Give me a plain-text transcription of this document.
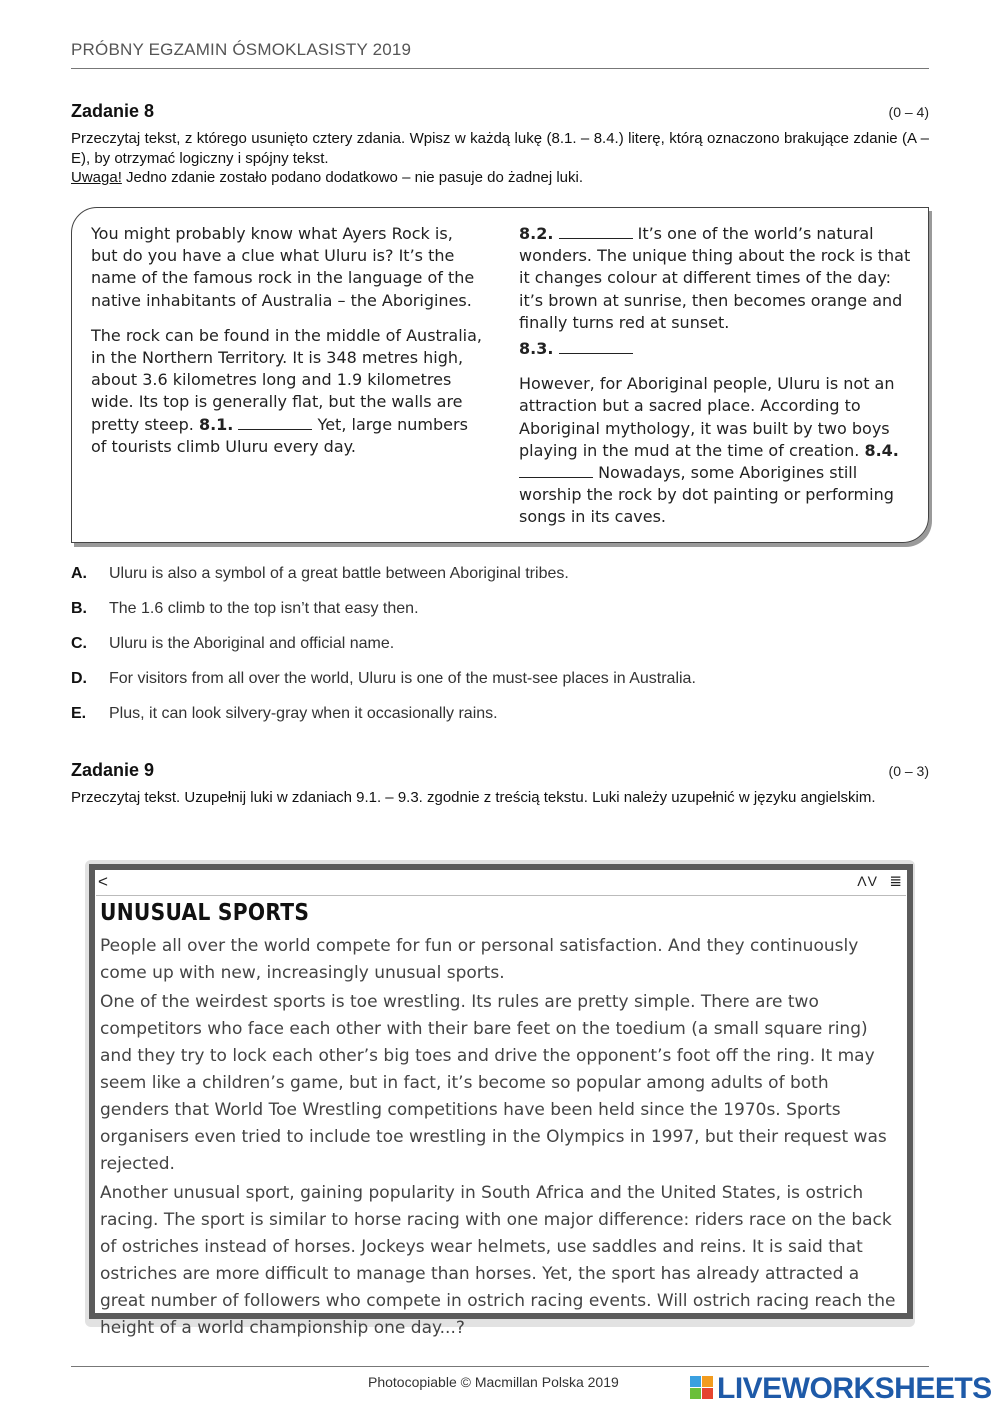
PRÓBNY EGZAMIN ÓSMOKLASISTY 2019
Zadanie 8	(0 – 4)
Przeczytaj tekst, z którego usunięto cztery zdania. Wpisz w każdą lukę (8.1. – 8.4.) literę, którą oznaczono brakujące zdanie (A – E), by otrzymać logiczny i spójny tekst.
Uwaga! Jedno zdanie zostało podano dodatkowo – nie pasuje do żadnej luki.

You might probably know what Ayers Rock is, but do you have a clue what Uluru is? It’s the name of the famous rock in the language of the native inhabitants of Australia – the Aborigines.

The rock can be found in the middle of Australia, in the Northern Territory. It is 348 metres high, about 3.6 kilometres long and 1.9 kilometres wide. Its top is generally flat, but the walls are pretty steep. 8.1.	Yet, large numbers of tourists climb Uluru every day.

8.2.	It’s one of the world’s natural wonders. The unique thing about the rock is that it changes colour at different times of the day: it’s brown at sunrise, then becomes orange and finally turns red at sunset.

8.3.

However, for Aboriginal people, Uluru is not an attraction but a sacred place. According to Aboriginal mythology, it was built by two boys playing in the mud at the time of creation. 8.4.  Nowadays, some Aborigines still worship the rock by dot painting or performing songs in its caves.

A. Uluru is also a symbol of a great battle between Aboriginal tribes.
B. The 1.6 climb to the top isn’t that easy then.
C. Uluru is the Aboriginal and official name.
D. For visitors from all over the world, Uluru is one of the must-see places in Australia.
E. Plus, it can look silvery-gray when it occasionally rains.
Zadanie 9	(0 – 3)
Przeczytaj tekst. Uzupełnij luki w zdaniach 9.1. – 9.3. zgodnie z treścią tekstu. Luki należy uzupełnić w języku angielskim.
<	ΛV ≣
UNUSUAL SPORTS

People all over the world compete for fun or personal satisfaction. And they continuously come up with new, increasingly unusual sports.

One of the weirdest sports is toe wrestling. Its rules are pretty simple. There are two competitors who face each other with their bare feet on the toedium (a small square ring) and they try to lock each other’s big toes and drive the opponent’s foot off the ring. It may seem like a children’s game, but in fact, it’s become so popular among adults of both genders that World Toe Wrestling competitions have been held since the 1970s. Sports organisers even tried to include toe wrestling in the Olympics in 1997, but their request was rejected.

Another unusual sport, gaining popularity in South Africa and the United States, is ostrich racing. The sport is similar to horse racing with one major difference: riders race on the back of ostriches instead of horses. Jockeys wear helmets, use saddles and reins. It is said that ostriches are more difficult to manage than horses. Yet, the sport has already attracted a great number of followers who compete in ostrich racing events. Will ostrich racing reach the height of a world championship one day...?

Photocopiable © Macmillan Polska 2019	LIVEWORKSHEETS
